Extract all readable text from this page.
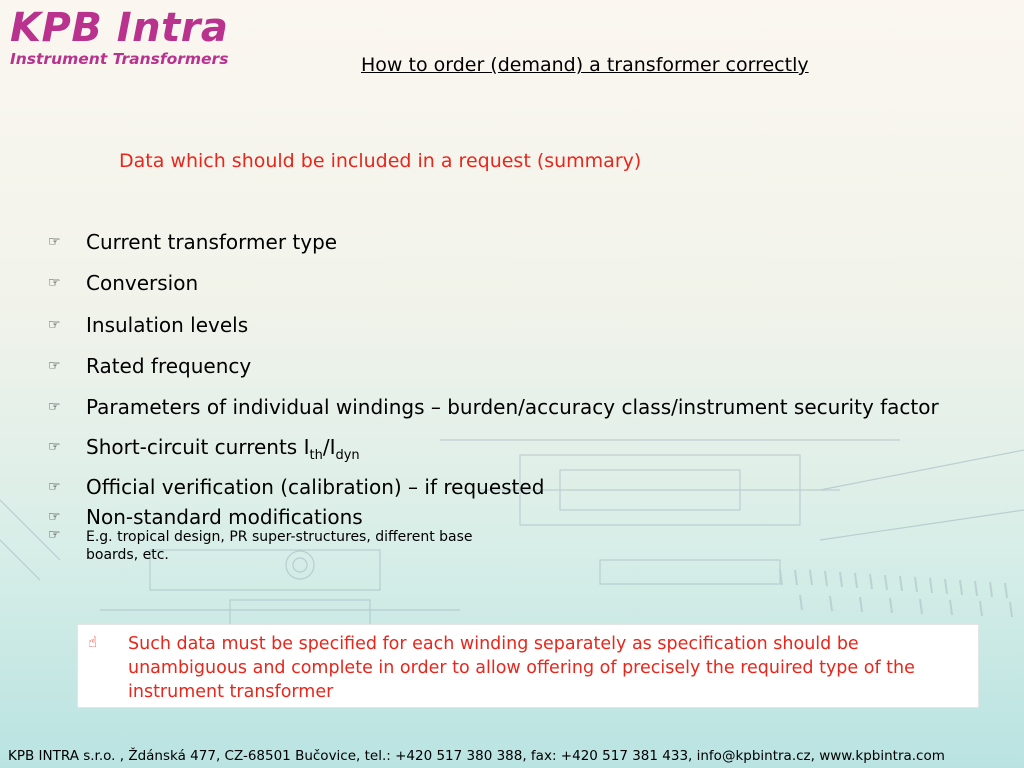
KPB Intra
Instrument Transformers	How to order (demand) a transformer correctly
Data which should be included in a request (summary)
☞	Current transformer type
☞	Conversion
☞	Insulation levels
☞	Rated frequency
☞	Parameters of individual windings – burden/accuracy class/instrument security factor
☞	Short-circuit currents $I_{th}/I_{dyn}$
☞	Official verification (calibration) – if requested
☞	Non-standard modifications
☞	E.g. tropical design, PR super-structures, different base boards, etc.
☝ Such data must be specified for each winding separately as specification should be unambiguous and complete in order to allow offering of precisely the required type of the instrument transformer
KPB INTRA s.r.o. , Ždánská 477, CZ-68501 Bučovice, tel.: +420 517 380 388, fax: +420 517 381 433, info@kpbintra.cz, www.kpbintra.com
